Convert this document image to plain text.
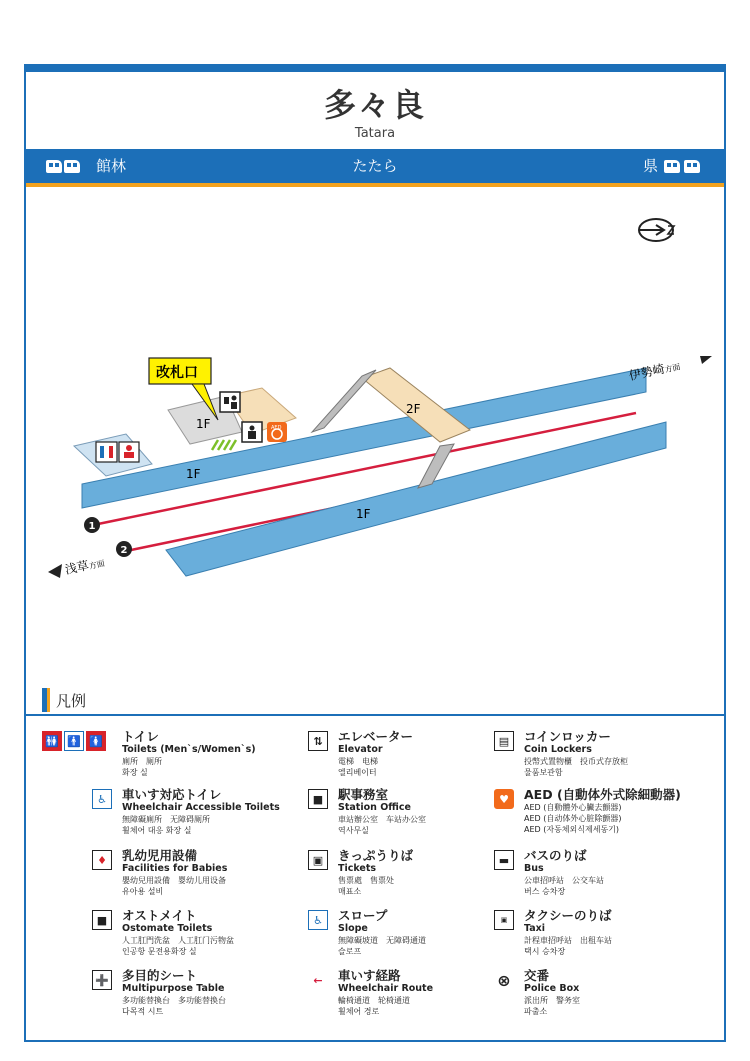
多々良
Tatara
館林	たたら	県
1F
1F
1F
2F
改札口
AED
伊勢崎方面
浅草方面
1
2
凡例
🚻 🚹 🚺 トイレ
Toilets (Men`s/Women`s)
廁所　厕所
화장 실
♿	車いす対応トイレ
Wheelchair Accessible Toilets
無障礙廁所　无障碍厕所
휠체어 대응 화장 실
♦	乳幼児用設備
Facilities for Babies
嬰幼兒用設備　婴幼儿用设备
유아용 설비
■	オストメイト
Ostomate Toilets
人工肛門洗盆　人工肛门污物盆
인공항 문전용화장 실
➕ 多目的シート
Multipurpose Table
多功能替換台　多功能替换台
다목적 시트
⇅	エレベーター
Elevator
電梯　电梯
엘리베이터
■	駅事務室
Station Office
車站辦公室　车站办公室
역사무실
▣	きっぷうりば
Tickets
售票處　售票处
매표소
♿	スロープ
Slope
無障礙坡道　无障碍通道
슬로프
←	車いす経路
Wheelchair Route
輪椅通道　轮椅通道
휠체어 경로
▤	コインロッカー
Coin Lockers
投幣式置物櫃　投币式存放柜
물품보관함
♥	AED (自動体外式除細動器)
AED (自動體外心臟去顫器)
AED (自动体外心脏除颤器)
AED (자동체외식제세동기)
▬	バスのりば
Bus
公車招呼站　公交车站
버스 승차장
▣	タクシーのりば
Taxi
計程車招呼站　出租车站
택시 승차장
⊗ 交番
Police Box
派出所　警务室
파출소
